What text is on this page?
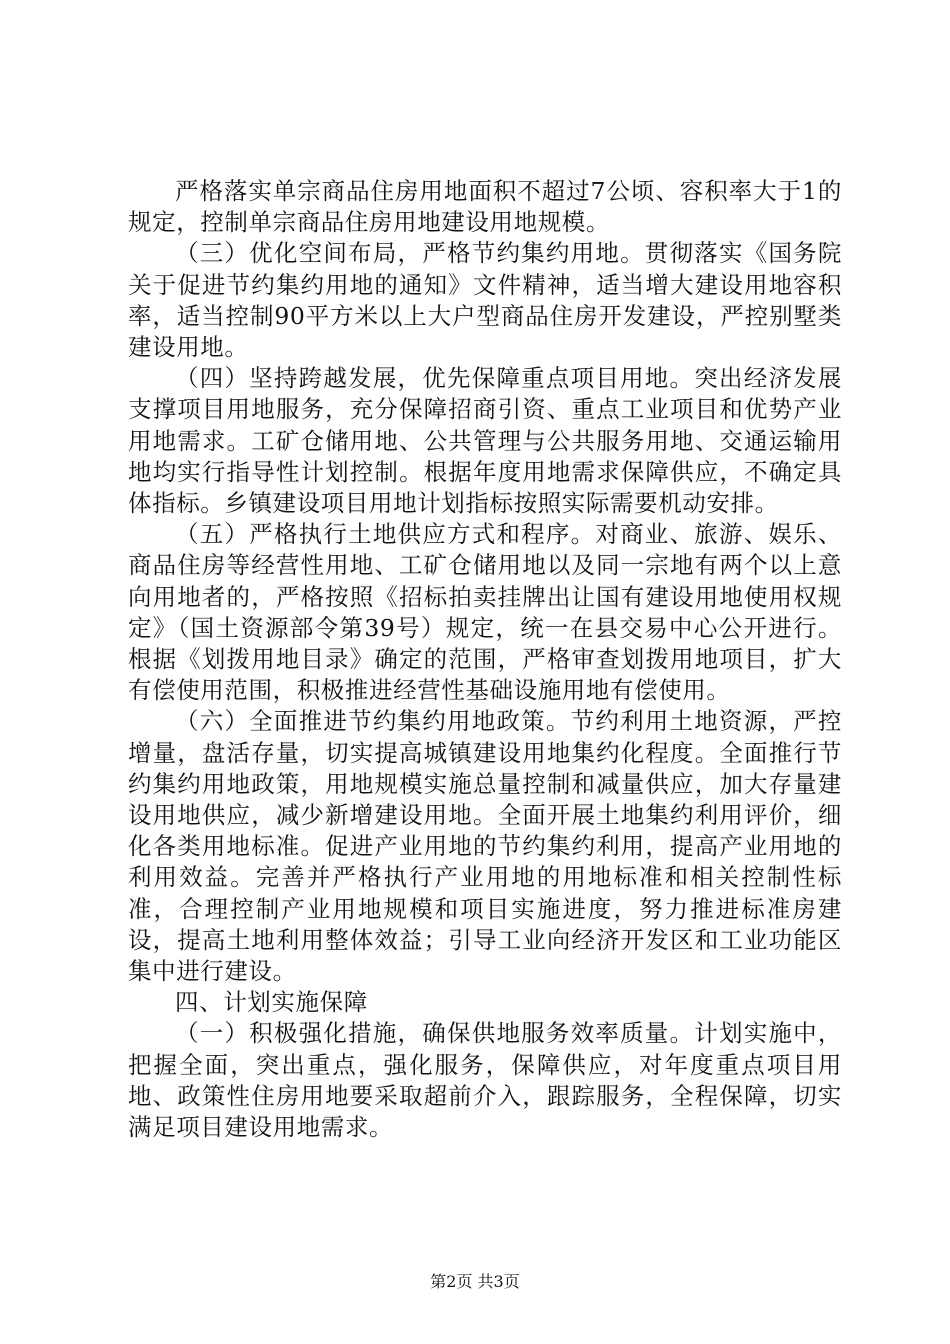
严格落实单宗商品住房用地面积不超过7公顷、容积率大于1的规定，控制单宗商品住房用地建设用地规模。

（三）优化空间布局，严格节约集约用地。贯彻落实《国务院关于促进节约集约用地的通知》文件精神，适当增大建设用地容积率，适当控制90平方米以上大户型商品住房开发建设，严控别墅类建设用地。

（四）坚持跨越发展，优先保障重点项目用地。突出经济发展支撑项目用地服务，充分保障招商引资、重点工业项目和优势产业用地需求。工矿仓储用地、公共管理与公共服务用地、交通运输用地均实行指导性计划控制。根据年度用地需求保障供应，不确定具体指标。乡镇建设项目用地计划指标按照实际需要机动安排。

（五）严格执行土地供应方式和程序。对商业、旅游、娱乐、商品住房等经营性用地、工矿仓储用地以及同一宗地有两个以上意向用地者的，严格按照《招标拍卖挂牌出让国有建设用地使用权规定》（国土资源部令第39号）规定，统一在县交易中心公开进行。根据《划拨用地目录》确定的范围，严格审查划拨用地项目，扩大有偿使用范围，积极推进经营性基础设施用地有偿使用。

（六）全面推进节约集约用地政策。节约利用土地资源，严控增量，盘活存量，切实提高城镇建设用地集约化程度。全面推行节约集约用地政策，用地规模实施总量控制和减量供应，加大存量建设用地供应，减少新增建设用地。全面开展土地集约利用评价，细化各类用地标准。促进产业用地的节约集约利用，提高产业用地的利用效益。完善并严格执行产业用地的用地标准和相关控制性标准，合理控制产业用地规模和项目实施进度，努力推进标准房建设，提高土地利用整体效益；引导工业向经济开发区和工业功能区集中进行建设。

四、计划实施保障

（一）积极强化措施，确保供地服务效率质量。计划实施中，把握全面，突出重点，强化服务，保障供应，对年度重点项目用地、政策性住房用地要采取超前介入，跟踪服务，全程保障，切实满足项目建设用地需求。

第2页 共3页
